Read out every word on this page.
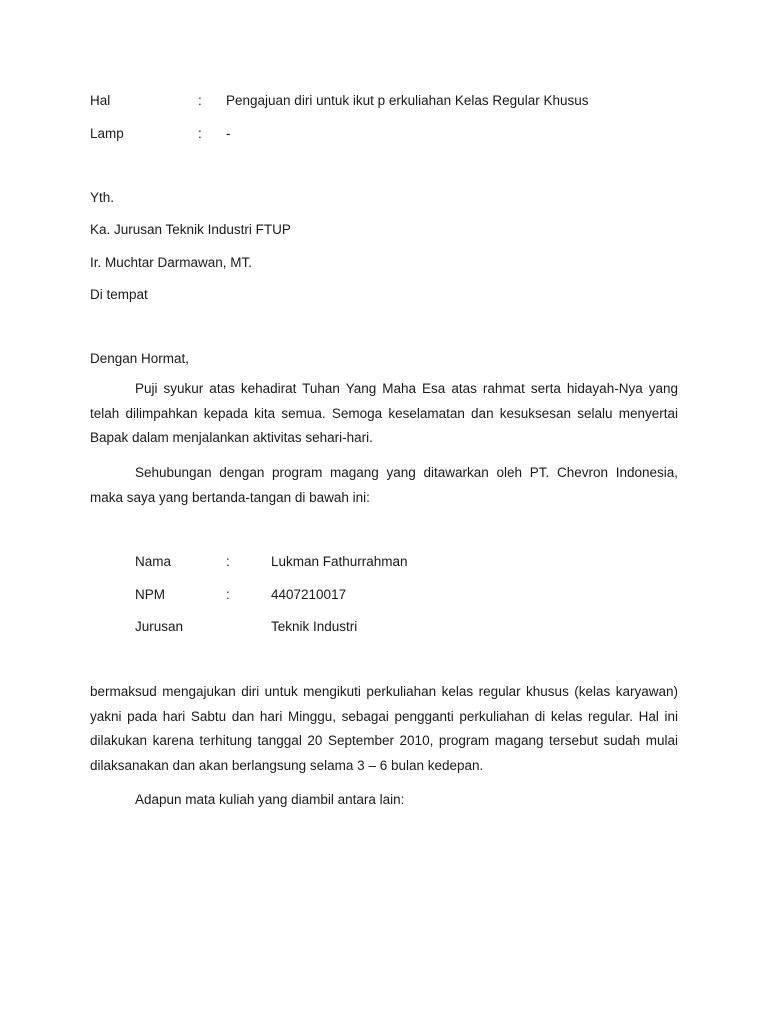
Hal	: Pengajuan diri untuk ikut p erkuliahan Kelas Regular Khusus
Lamp	: -
Yth.
Ka. Jurusan Teknik Industri FTUP
Ir. Muchtar Darmawan, MT.
Di tempat
Dengan Hormat,

Puji syukur atas kehadirat Tuhan Yang Maha Esa atas rahmat serta hidayah-Nya yang telah dilimpahkan kepada kita semua. Semoga keselamatan dan kesuksesan selalu menyertai Bapak dalam menjalankan aktivitas sehari-hari.

Sehubungan dengan program magang yang ditawarkan oleh PT. Chevron Indonesia, maka saya yang bertanda-tangan di bawah ini:

Nama	:	Lukman Fathurrahman
NPM	:	4407210017
Jurusan	Teknik Industri

bermaksud mengajukan diri untuk mengikuti perkuliahan kelas regular khusus (kelas karyawan) yakni pada hari Sabtu dan hari Minggu, sebagai pengganti perkuliahan di kelas regular. Hal ini dilakukan karena terhitung tanggal 20 September 2010, program magang tersebut sudah mulai dilaksanakan dan akan berlangsung selama 3 – 6 bulan kedepan.

Adapun mata kuliah yang diambil antara lain:
